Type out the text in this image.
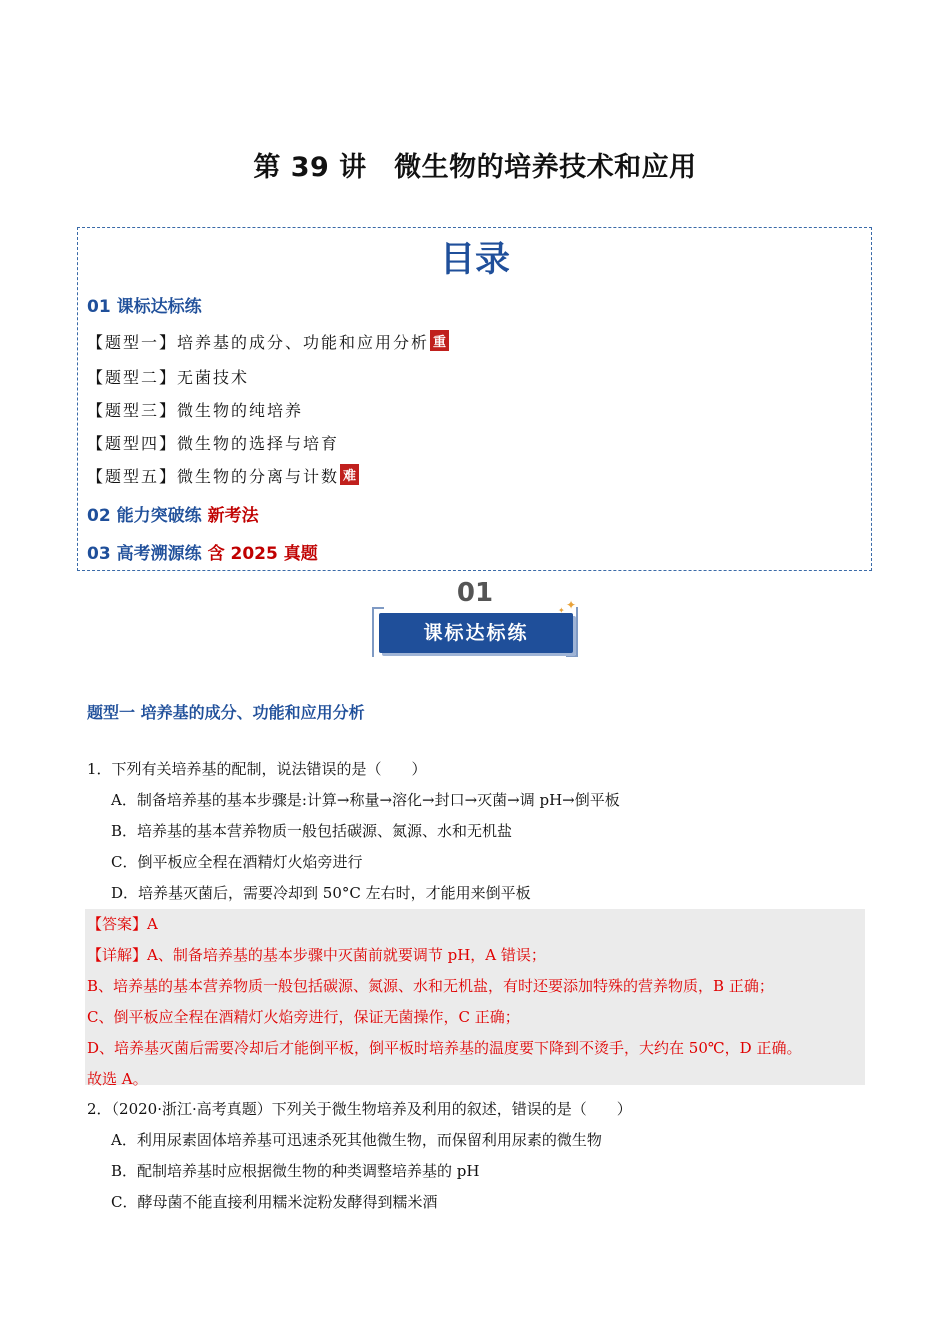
第 39 讲　微生物的培养技术和应用
目录
01 课标达标练
【题型一】培养基的成分、功能和应用分析 重
【题型二】无菌技术
【题型三】微生物的纯培养
【题型四】微生物的选择与培育
【题型五】微生物的分离与计数 难
02 能力突破练 新考法
03 高考溯源练 含 2025 真题
01
课标达标练
✦
✦
题型一 培养基的成分、功能和应用分析
1．下列有关培养基的配制，说法错误的是（　　）
A．制备培养基的基本步骤是:计算→称量→溶化→封口→灭菌→调 pH→倒平板
B．培养基的基本营养物质一般包括碳源、氮源、水和无机盐
C．倒平板应全程在酒精灯火焰旁进行
D．培养基灭菌后，需要冷却到 50°C 左右时，才能用来倒平板
【答案】A
【详解】A、制备培养基的基本步骤中灭菌前就要调节 pH，A 错误；
B、培养基的基本营养物质一般包括碳源、氮源、水和无机盐，有时还要添加特殊的营养物质，B 正确；
C、倒平板应全程在酒精灯火焰旁进行，保证无菌操作，C 正确；
D、培养基灭菌后需要冷却后才能倒平板，倒平板时培养基的温度要下降到不烫手，大约在 50℃，D 正确。
故选 A。
2．（2020·浙江·高考真题）下列关于微生物培养及利用的叙述，错误的是（　　）
A．利用尿素固体培养基可迅速杀死其他微生物，而保留利用尿素的微生物
B．配制培养基时应根据微生物的种类调整培养基的 pH
C．酵母菌不能直接利用糯米淀粉发酵得到糯米酒
